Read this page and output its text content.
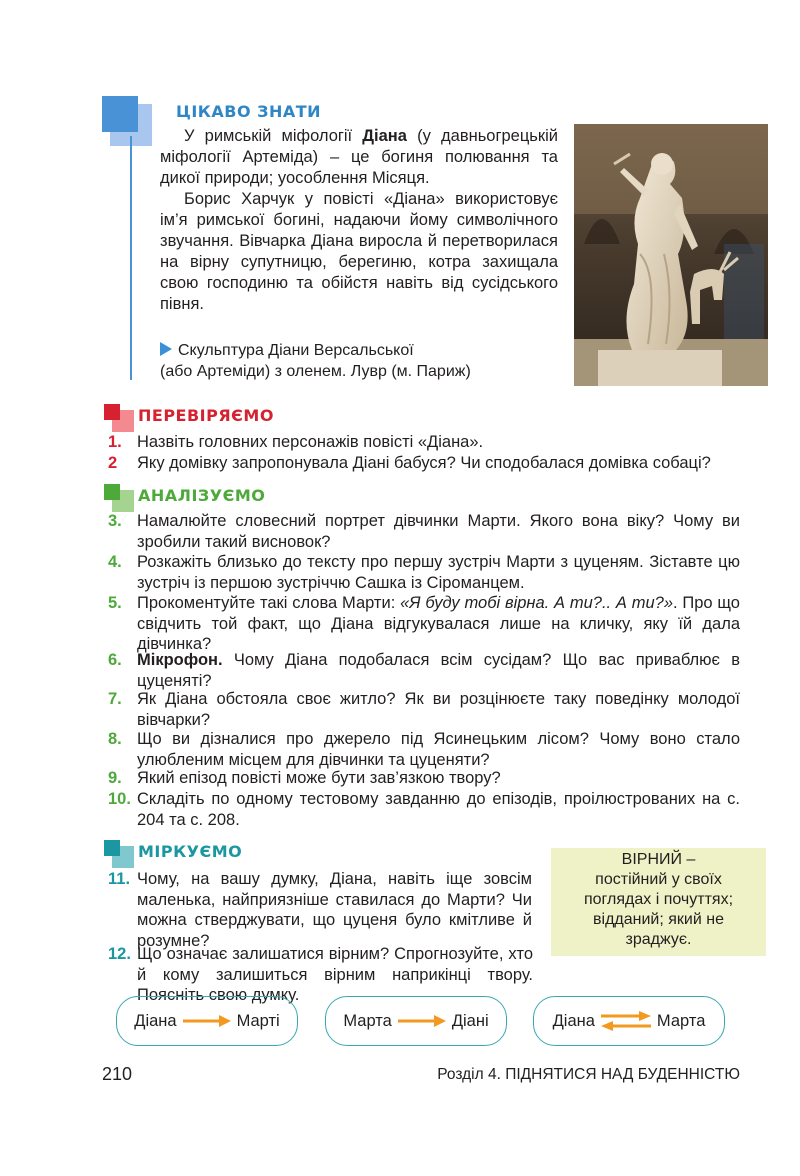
ЦІКАВО ЗНАТИ

У римській міфології Діана (у давньогрецькій міфології Артеміда) – це богиня полювання та дикої природи; уособлення Місяця.

Борис Харчук у повісті «Діана» використовує ім’я римської богині, надаючи йому символічного звучання. Вівчарка Діана виросла й перетворилася на вірну супутницю, берегиню, котра захищала свою господиню та обійстя навіть від сусідського півня.

Скульптура Діани Версальської
(або Артеміди) з оленем. Лувр (м. Париж)
ПЕРЕВІРЯЄМО
1. Назвіть головних персонажів повісті «Діана».
2	Яку домівку запропонувала Діані бабуся? Чи сподобалася домівка собаці?
АНАЛІЗУЄМО
3. Намалюйте словесний портрет дівчинки Марти. Якого вона віку? Чому ви зробили такий висновок?
4. Розкажіть близько до тексту про першу зустріч Марти з цуценям. Зіставте цю зустріч із першою зустріччю Сашка із Сіроманцем.
5. Прокоментуйте такі слова Марти: «Я буду тобі вірна. А ти?.. А ти?». Про що свідчить той факт, що Діана відгукувалася лише на кличку, яку їй дала дівчинка?
6. Мікрофон. Чому Діана подобалася всім сусідам? Що вас приваблює в цуценяті?
7. Як Діана обстояла своє житло? Як ви розцінюєте таку поведінку молодої вівчарки?
8. Що ви дізналися про джерело під Ясинецьким лісом? Чому воно стало улюбленим місцем для дівчинки та цуценяти?
9. Який епізод повісті може бути зав’язкою твору?
10. Складіть по одному тестовому завданню до епізодів, проілюстрованих на с. 204 та с. 208.
МІРКУЄМО
11. Чому, на вашу думку, Діана, навіть іще зовсім маленька, найприязніше ставилася до Марти? Чи можна стверджувати, що цуценя було кмітливе й розумне?
ВІРНИЙ –
постійний у своїх
поглядах і почуттях;
відданий; який не
зраджує.
12. Що означає залишатися вірним? Спрогнозуйте, хто й кому залишиться вірним наприкінці твору. Поясніть свою думку.
Діана	Марті	Марта	Діані	Діана	Марта
210	Розділ 4. ПІДНЯТИСЯ НАД БУДЕННІСТЮ
